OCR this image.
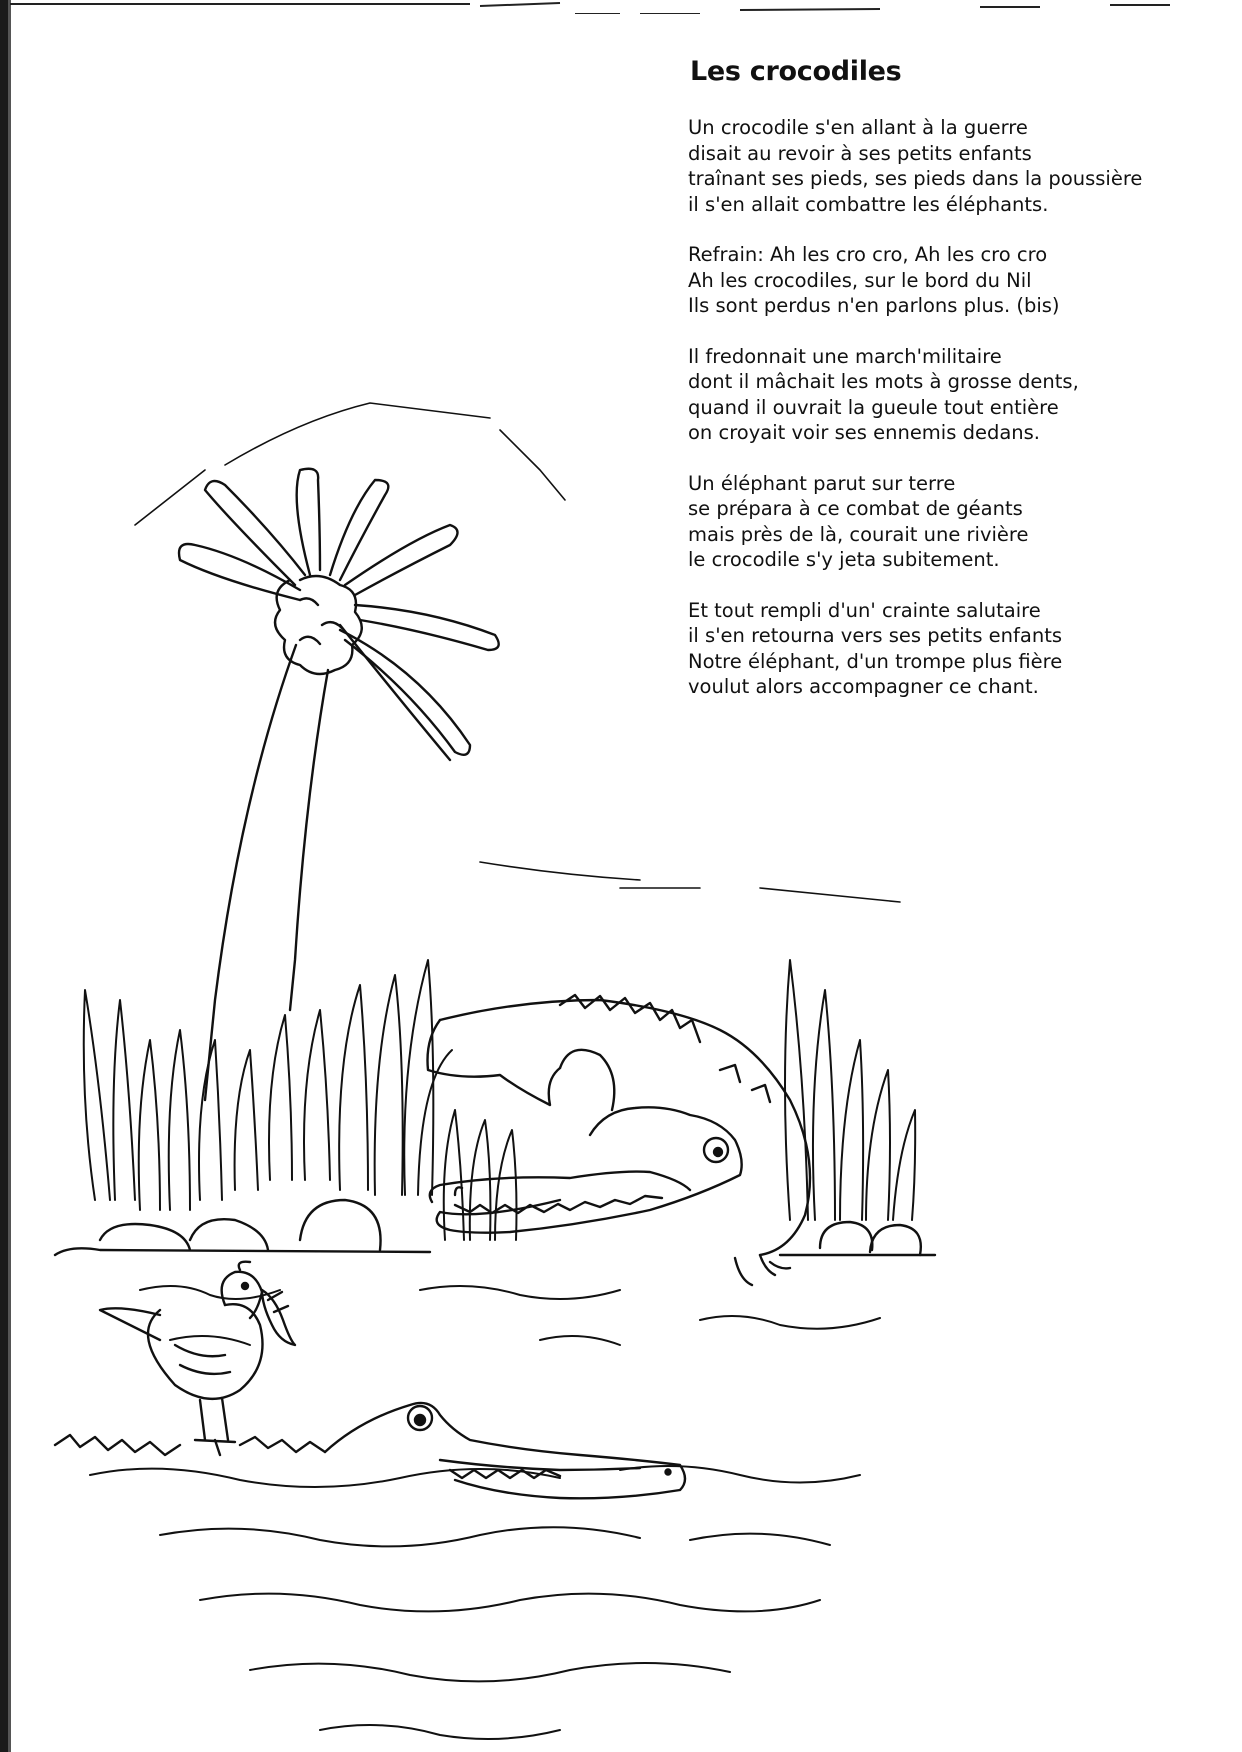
Les crocodiles
Un crocodile s'en allant à la guerre
disait au revoir à ses petits enfants
traînant ses pieds, ses pieds dans la poussière
il s'en allait combattre les éléphants.
Refrain: Ah les cro cro, Ah les cro cro
Ah les crocodiles, sur le bord du Nil
Ils sont perdus n'en parlons plus. (bis)
Il fredonnait une march'militaire
dont il mâchait les mots à grosse dents,
quand il ouvrait la gueule tout entière
on croyait voir ses ennemis dedans.
Un éléphant parut sur terre
se prépara à ce combat de géants
mais près de là, courait une rivière
le crocodile s'y jeta subitement.
Et tout rempli d'un' crainte salutaire
il s'en retourna vers ses petits enfants
Notre éléphant, d'un trompe plus fière
voulut alors accompagner ce chant.
